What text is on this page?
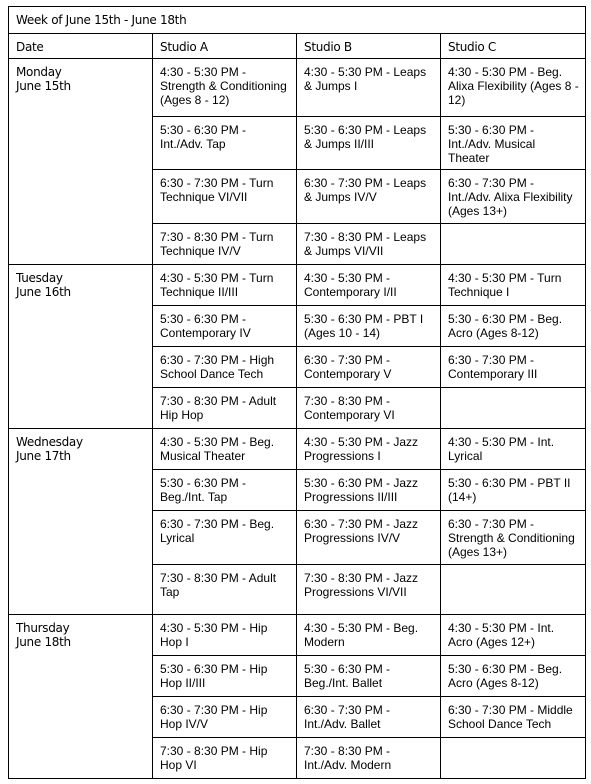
Week of June 15th - June 18th			
Date	Studio A	Studio B	Studio C

Monday
June 15th	4:30 - 5:30 PM - Strength & Conditioning (Ages 8 - 12)	4:30 - 5:30 PM - Leaps & Jumps I	4:30 - 5:30 PM - Beg. Alixa Flexibility (Ages 8 - 12)
	5:30 - 6:30 PM - Int./Adv. Tap	5:30 - 6:30 PM - Leaps & Jumps II/III	5:30 - 6:30 PM - Int./Adv. Musical Theater
	6:30 - 7:30 PM - Turn Technique VI/VII	6:30 - 7:30 PM - Leaps & Jumps IV/V	6:30 - 7:30 PM - Int./Adv. Alixa Flexibility (Ages 13+)
	7:30 - 8:30 PM - Turn Technique IV/V	7:30 - 8:30 PM - Leaps & Jumps VI/VII	

Tuesday
June 16th	4:30 - 5:30 PM - Turn Technique II/III	4:30 - 5:30 PM - Contemporary I/II	4:30 - 5:30 PM - Turn Technique I
	5:30 - 6:30 PM - Contemporary IV	5:30 - 6:30 PM - PBT I (Ages 10 - 14)	5:30 - 6:30 PM - Beg. Acro (Ages 8-12)
	6:30 - 7:30 PM - High School Dance Tech	6:30 - 7:30 PM - Contemporary V	6:30 - 7:30 PM - Contemporary III
	7:30 - 8:30 PM - Adult Hip Hop	7:30 - 8:30 PM - Contemporary VI	

Wednesday
June 17th	4:30 - 5:30 PM - Beg. Musical Theater	4:30 - 5:30 PM - Jazz Progressions I	4:30 - 5:30 PM - Int. Lyrical
	5:30 - 6:30 PM - Beg./Int. Tap	5:30 - 6:30 PM - Jazz Progressions II/III	5:30 - 6:30 PM - PBT II (14+)
	6:30 - 7:30 PM - Beg. Lyrical	6:30 - 7:30 PM - Jazz Progressions IV/V	6:30 - 7:30 PM - Strength & Conditioning (Ages 13+)
	7:30 - 8:30 PM - Adult Tap	7:30 - 8:30 PM - Jazz Progressions VI/VII	

Thursday
June 18th	4:30 - 5:30 PM - Hip Hop I	4:30 - 5:30 PM - Beg. Modern	4:30 - 5:30 PM - Int. Acro (Ages 12+)
	5:30 - 6:30 PM - Hip Hop II/III	5:30 - 6:30 PM - Beg./Int. Ballet	5:30 - 6:30 PM - Beg. Acro (Ages 8-12)
	6:30 - 7:30 PM - Hip Hop IV/V	6:30 - 7:30 PM - Int./Adv. Ballet	6:30 - 7:30 PM - Middle School Dance Tech
	7:30 - 8:30 PM - Hip Hop VI	7:30 - 8:30 PM - Int./Adv. Modern	
